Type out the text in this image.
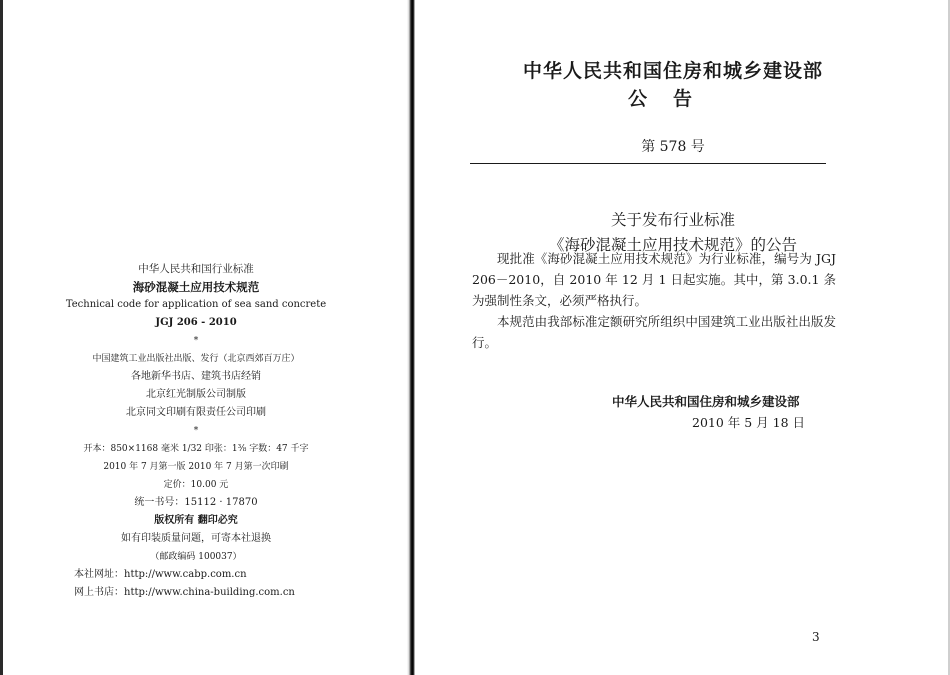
中华人民共和国行业标准
海砂混凝土应用技术规范
Technical code for application of sea sand concrete
JGJ 206 - 2010
*
中国建筑工业出版社出版、发行（北京西郊百万庄）
各地新华书店、建筑书店经销
北京红光制版公司制版
北京同文印刷有限责任公司印刷
*
开本：850×1168 毫米 1/32 印张：1⅜ 字数：47 千字
2010 年 7 月第一版 2010 年 7 月第一次印刷
定价：10.00 元
统一书号：15112 · 17870
版权所有 翻印必究
如有印装质量问题，可寄本社退换
（邮政编码 100037）
本社网址：http://www.cabp.com.cn
网上书店：http://www.china-building.com.cn
中华人民共和国住房和城乡建设部
公告
第 578 号
关于发布行业标准
《海砂混凝土应用技术规范》的公告

现批准《海砂混凝土应用技术规范》为行业标准，编号为 JGJ 206－2010，自 2010 年 12 月 1 日起实施。其中，第 3.0.1 条为强制性条文，必须严格执行。

本规范由我部标准定额研究所组织中国建筑工业出版社出版发行。

中华人民共和国住房和城乡建设部
2010 年 5 月 18 日
3
